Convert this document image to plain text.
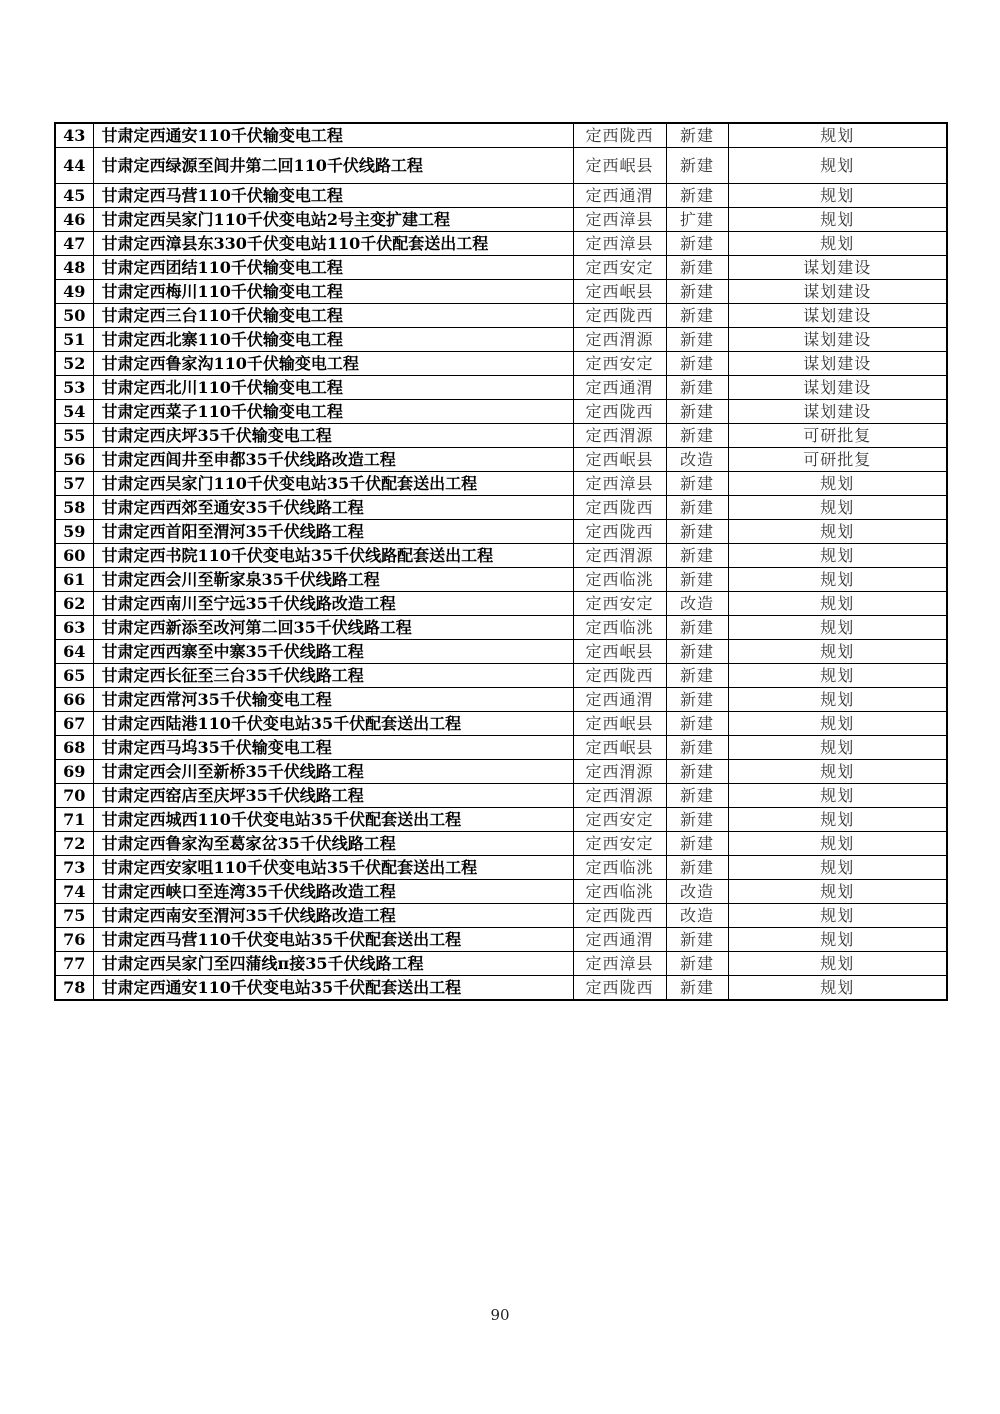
43	甘肃定西通安110千伏输变电工程	定西陇西	新建	规划
44	甘肃定西绿源至闾井第二回110千伏线路工程	定西岷县	新建	规划
45	甘肃定西马营110千伏输变电工程	定西通渭	新建	规划
46	甘肃定西吴家门110千伏变电站2号主变扩建工程	定西漳县	扩建	规划
47	甘肃定西漳县东330千伏变电站110千伏配套送出工程	定西漳县	新建	规划
48	甘肃定西团结110千伏输变电工程	定西安定	新建	谋划建设
49	甘肃定西梅川110千伏输变电工程	定西岷县	新建	谋划建设
50	甘肃定西三台110千伏输变电工程	定西陇西	新建	谋划建设
51	甘肃定西北寨110千伏输变电工程	定西渭源	新建	谋划建设
52	甘肃定西鲁家沟110千伏输变电工程	定西安定	新建	谋划建设
53	甘肃定西北川110千伏输变电工程	定西通渭	新建	谋划建设
54	甘肃定西菜子110千伏输变电工程	定西陇西	新建	谋划建设
55	甘肃定西庆坪35千伏输变电工程	定西渭源	新建	可研批复
56	甘肃定西闾井至申都35千伏线路改造工程	定西岷县	改造	可研批复
57	甘肃定西吴家门110千伏变电站35千伏配套送出工程	定西漳县	新建	规划
58	甘肃定西西郊至通安35千伏线路工程	定西陇西	新建	规划
59	甘肃定西首阳至渭河35千伏线路工程	定西陇西	新建	规划
60	甘肃定西书院110千伏变电站35千伏线路配套送出工程	定西渭源	新建	规划
61	甘肃定西会川至靳家泉35千伏线路工程	定西临洮	新建	规划
62	甘肃定西南川至宁远35千伏线路改造工程	定西安定	改造	规划
63	甘肃定西新添至改河第二回35千伏线路工程	定西临洮	新建	规划
64	甘肃定西西寨至中寨35千伏线路工程	定西岷县	新建	规划
65	甘肃定西长征至三台35千伏线路工程	定西陇西	新建	规划
66	甘肃定西常河35千伏输变电工程	定西通渭	新建	规划
67	甘肃定西陆港110千伏变电站35千伏配套送出工程	定西岷县	新建	规划
68	甘肃定西马坞35千伏输变电工程	定西岷县	新建	规划
69	甘肃定西会川至新桥35千伏线路工程	定西渭源	新建	规划
70	甘肃定西窑店至庆坪35千伏线路工程	定西渭源	新建	规划
71	甘肃定西城西110千伏变电站35千伏配套送出工程	定西安定	新建	规划
72	甘肃定西鲁家沟至葛家岔35千伏线路工程	定西安定	新建	规划
73	甘肃定西安家咀110千伏变电站35千伏配套送出工程	定西临洮	新建	规划
74	甘肃定西峡口至连湾35千伏线路改造工程	定西临洮	改造	规划
75	甘肃定西南安至渭河35千伏线路改造工程	定西陇西	改造	规划
76	甘肃定西马营110千伏变电站35千伏配套送出工程	定西通渭	新建	规划
77	甘肃定西吴家门至四蒲线π接35千伏线路工程	定西漳县	新建	规划
78	甘肃定西通安110千伏变电站35千伏配套送出工程	定西陇西	新建	规划
90
